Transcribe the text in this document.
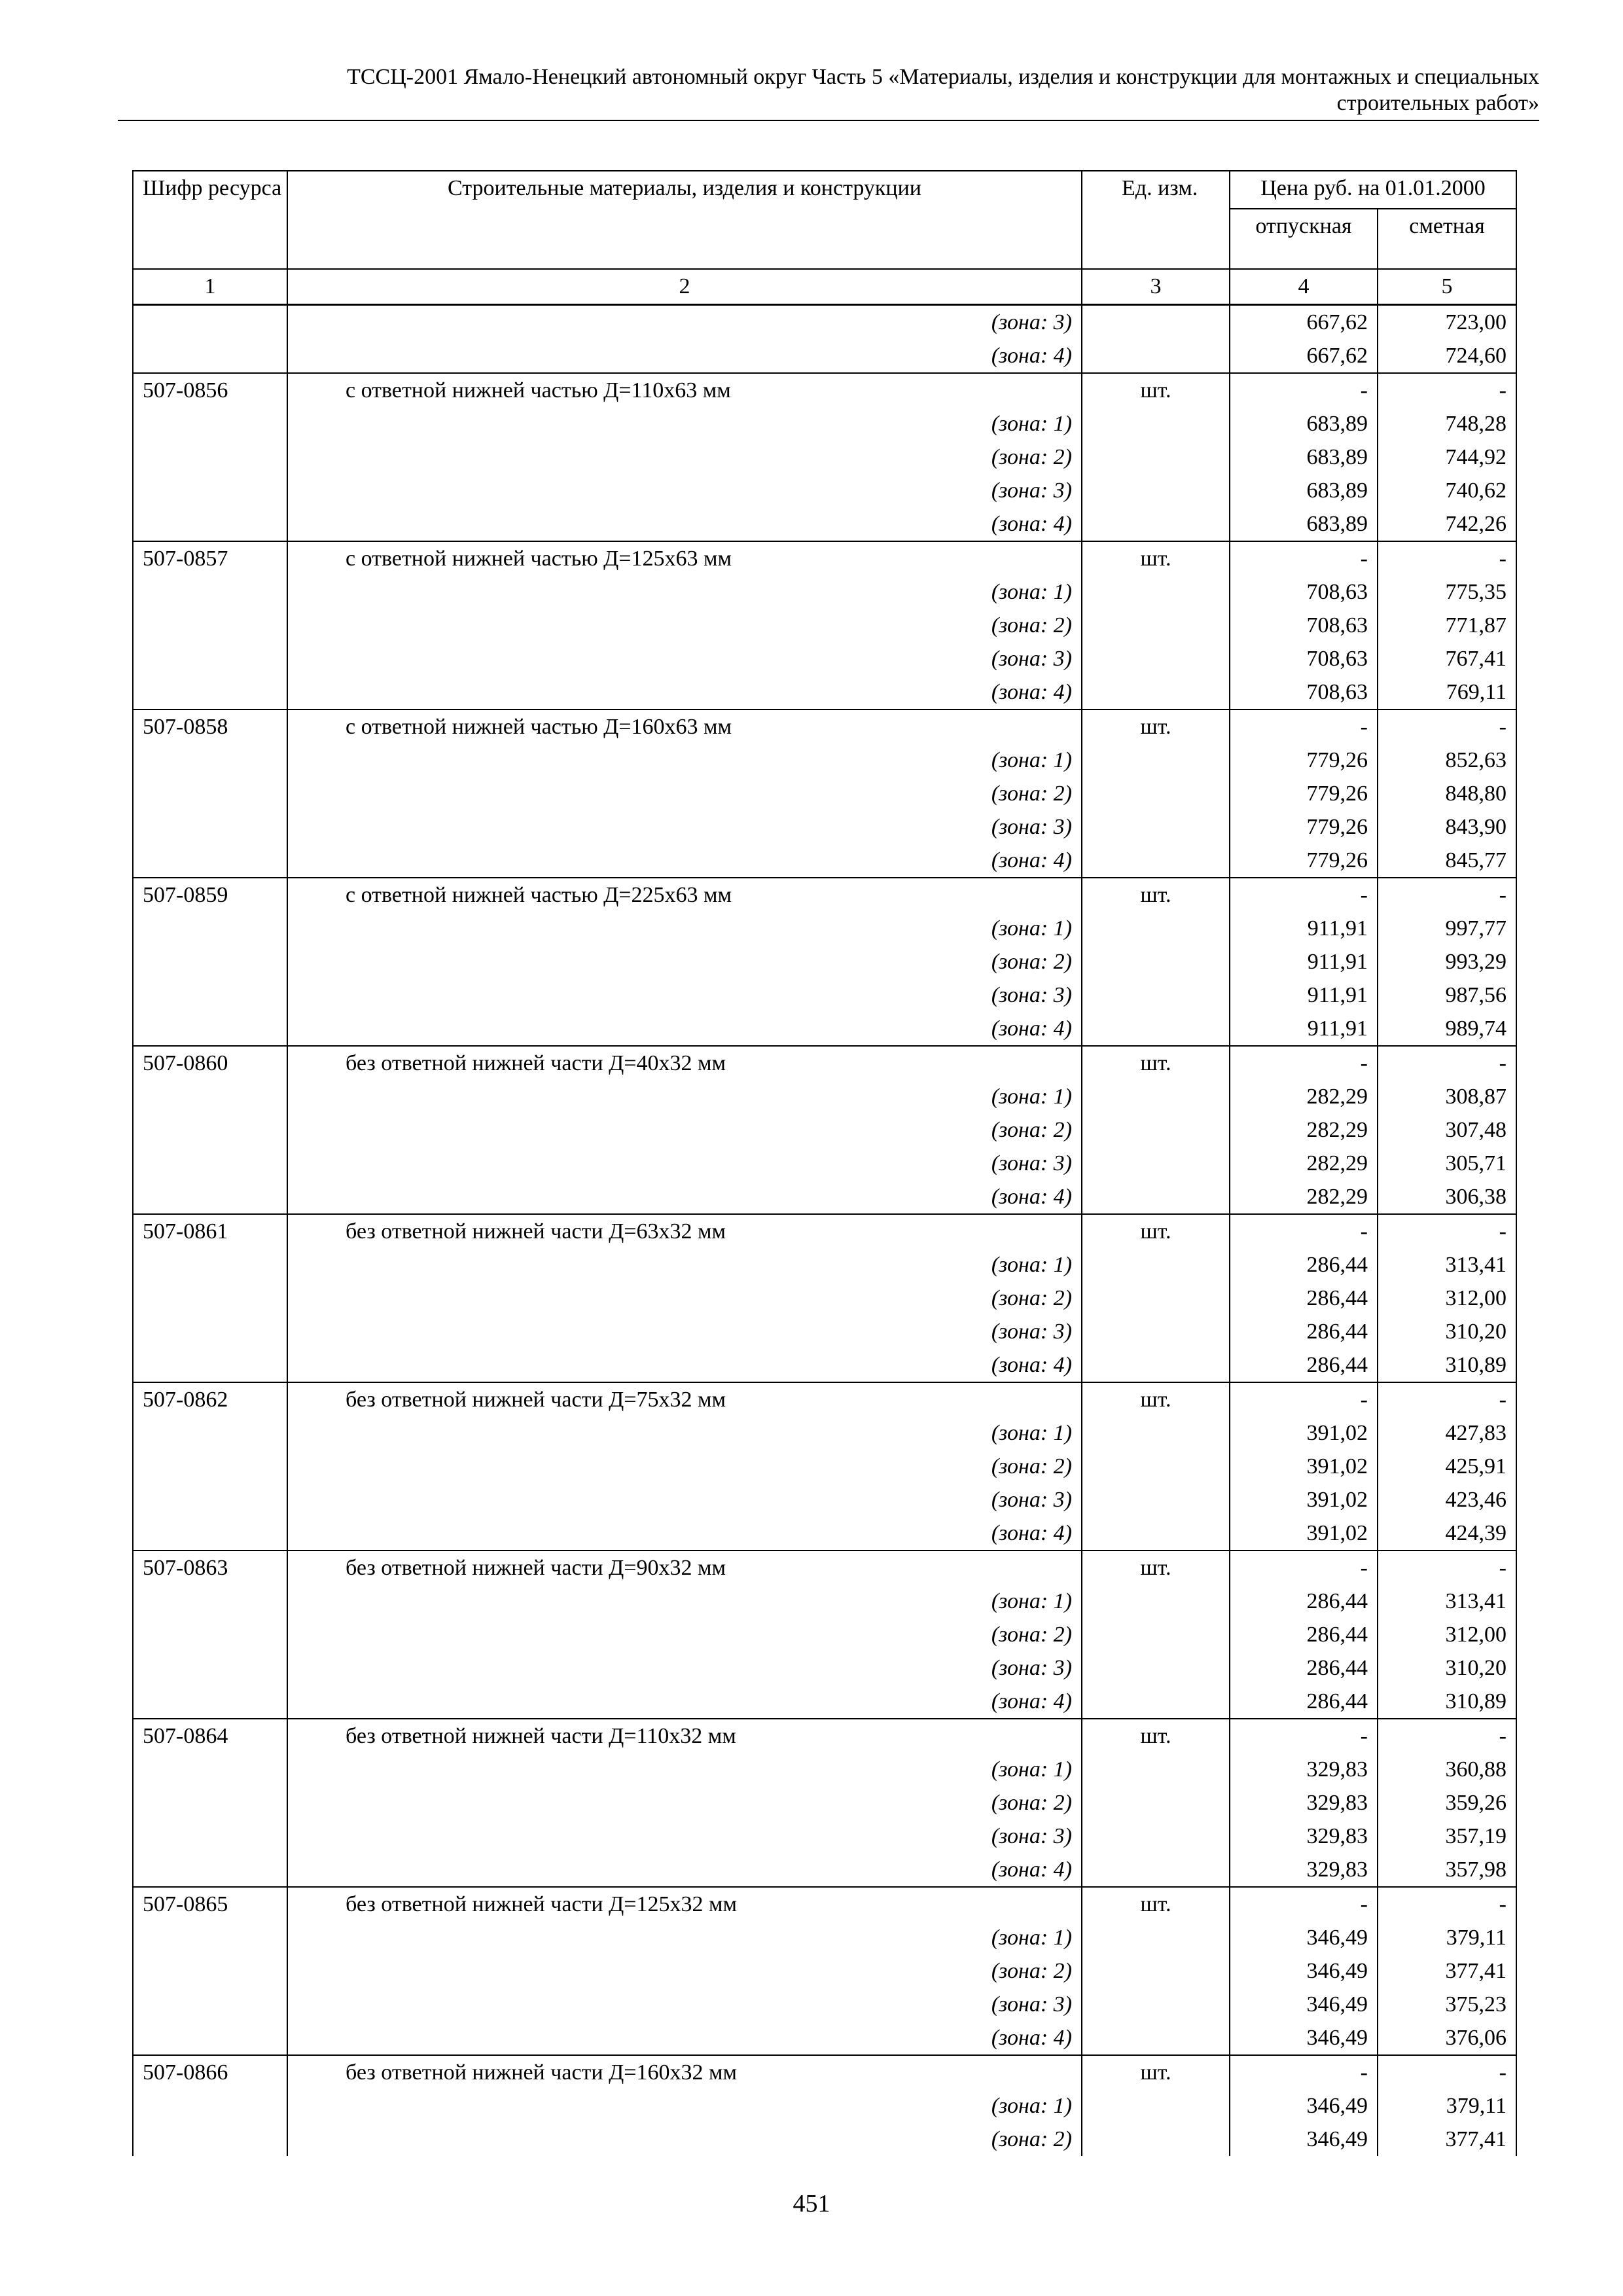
ТССЦ-2001 Ямало-Ненецкий автономный округ Часть 5 «Материалы, изделия и конструкции для монтажных и специальных
строительных работ»
Шифр ресурса	Строительные материалы, изделия и конструкции	Ед. изм.	Цена руб. на 01.01.2000	
			отпускная	сметная
1	2	3	4	5
	(зона: 3)		667,62	723,00
	(зона: 4)		667,62	724,60
507-0856	с ответной нижней частью Д=110х63 мм	шт.	-	-
	(зона: 1)		683,89	748,28
	(зона: 2)		683,89	744,92
	(зона: 3)		683,89	740,62
	(зона: 4)		683,89	742,26
507-0857	с ответной нижней частью Д=125х63 мм	шт.	-	-
	(зона: 1)		708,63	775,35
	(зона: 2)		708,63	771,87
	(зона: 3)		708,63	767,41
	(зона: 4)		708,63	769,11
507-0858	с ответной нижней частью Д=160х63 мм	шт.	-	-
	(зона: 1)		779,26	852,63
	(зона: 2)		779,26	848,80
	(зона: 3)		779,26	843,90
	(зона: 4)		779,26	845,77
507-0859	с ответной нижней частью Д=225х63 мм	шт.	-	-
	(зона: 1)		911,91	997,77
	(зона: 2)		911,91	993,29
	(зона: 3)		911,91	987,56
	(зона: 4)		911,91	989,74
507-0860	без ответной нижней части Д=40х32 мм	шт.	-	-
	(зона: 1)		282,29	308,87
	(зона: 2)		282,29	307,48
	(зона: 3)		282,29	305,71
	(зона: 4)		282,29	306,38
507-0861	без ответной нижней части Д=63х32 мм	шт.	-	-
	(зона: 1)		286,44	313,41
	(зона: 2)		286,44	312,00
	(зона: 3)		286,44	310,20
	(зона: 4)		286,44	310,89
507-0862	без ответной нижней части Д=75х32 мм	шт.	-	-
	(зона: 1)		391,02	427,83
	(зона: 2)		391,02	425,91
	(зона: 3)		391,02	423,46
	(зона: 4)		391,02	424,39
507-0863	без ответной нижней части Д=90х32 мм	шт.	-	-
	(зона: 1)		286,44	313,41
	(зона: 2)		286,44	312,00
	(зона: 3)		286,44	310,20
	(зона: 4)		286,44	310,89
507-0864	без ответной нижней части Д=110х32 мм	шт.	-	-
	(зона: 1)		329,83	360,88
	(зона: 2)		329,83	359,26
	(зона: 3)		329,83	357,19
	(зона: 4)		329,83	357,98
507-0865	без ответной нижней части Д=125х32 мм	шт.	-	-
	(зона: 1)		346,49	379,11
	(зона: 2)		346,49	377,41
	(зона: 3)		346,49	375,23
	(зона: 4)		346,49	376,06
507-0866	без ответной нижней части Д=160х32 мм	шт.	-	-
	(зона: 1)		346,49	379,11
	(зона: 2)		346,49	377,41
451
